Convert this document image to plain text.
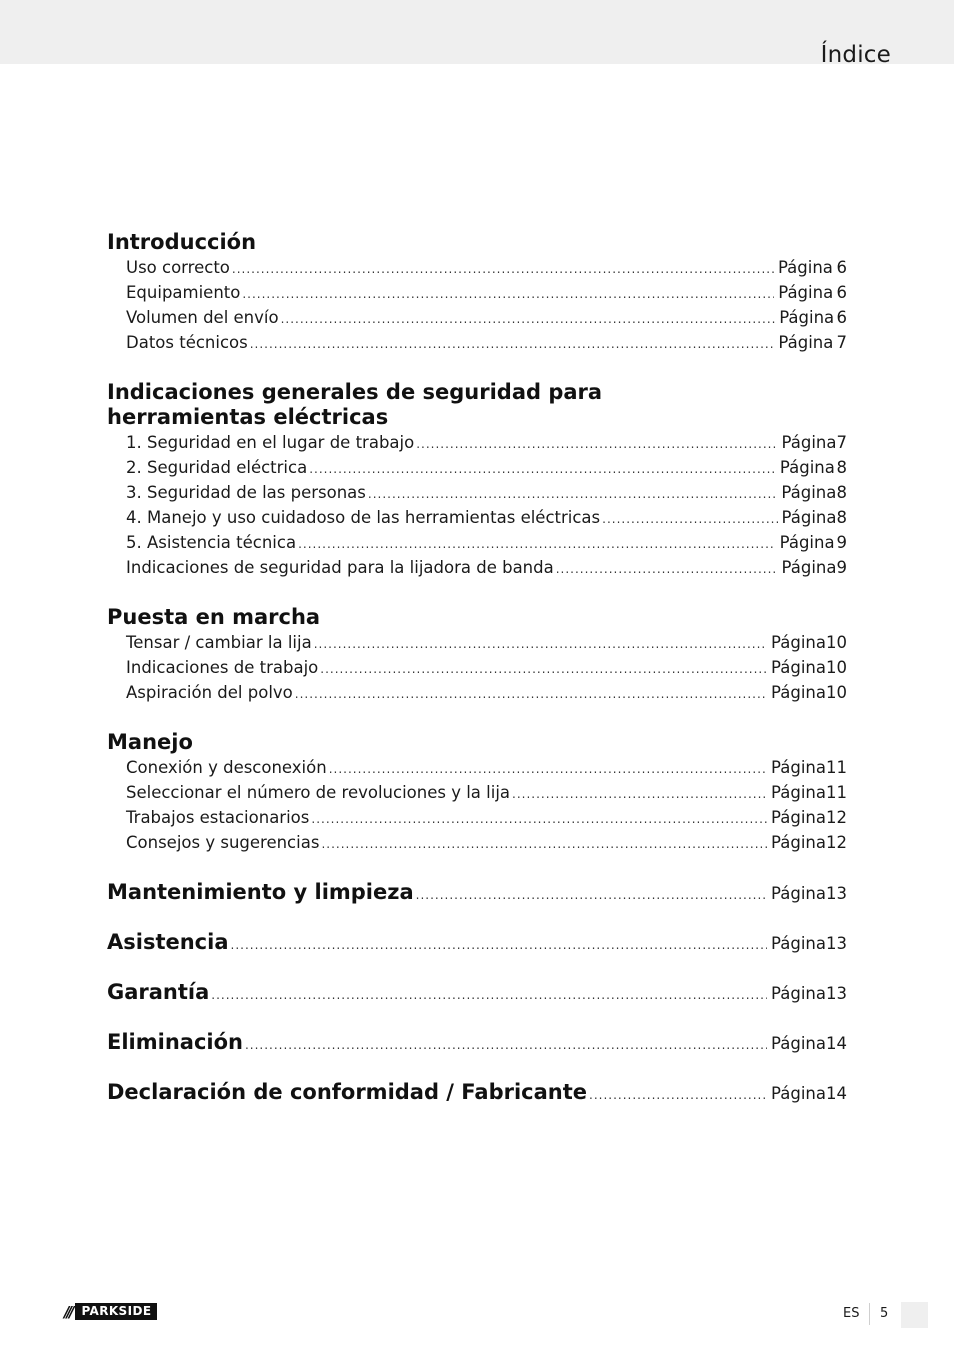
Índice
Introducción
Uso correcto .....	Página 6
Equipamiento .....	Página 6
Volumen del envío .....	Página 6
Datos técnicos .....	Página 7
Indicaciones generales de seguridad para
herramientas eléctricas
1. Seguridad en el lugar de trabajo .....	Página 7
2. Seguridad eléctrica .....	Página 8
3. Seguridad de las personas .....	Página 8
4. Manejo y uso cuidadoso de las herramientas eléctricas .....	Página 8
5. Asistencia técnica .....	Página 9
Indicaciones de seguridad para la lijadora de banda .....	Página 9
Puesta en marcha
Tensar / cambiar la lija .....	Página 10
Indicaciones de trabajo .....	Página 10
Aspiración del polvo .....	Página 10
Manejo
Conexión y desconexión .....	Página 11
Seleccionar el número de revoluciones y la lija .....	Página 11
Trabajos estacionarios .....	Página 12
Consejos y sugerencias .....	Página 12
Mantenimiento y limpieza .....	Página 13
Asistencia .....	Página 13
Garantía .....	Página 13
Eliminación .....	Página 14
Declaración de conformidad / Fabricante .....	Página 14
/// PARKSIDE	ES 5
